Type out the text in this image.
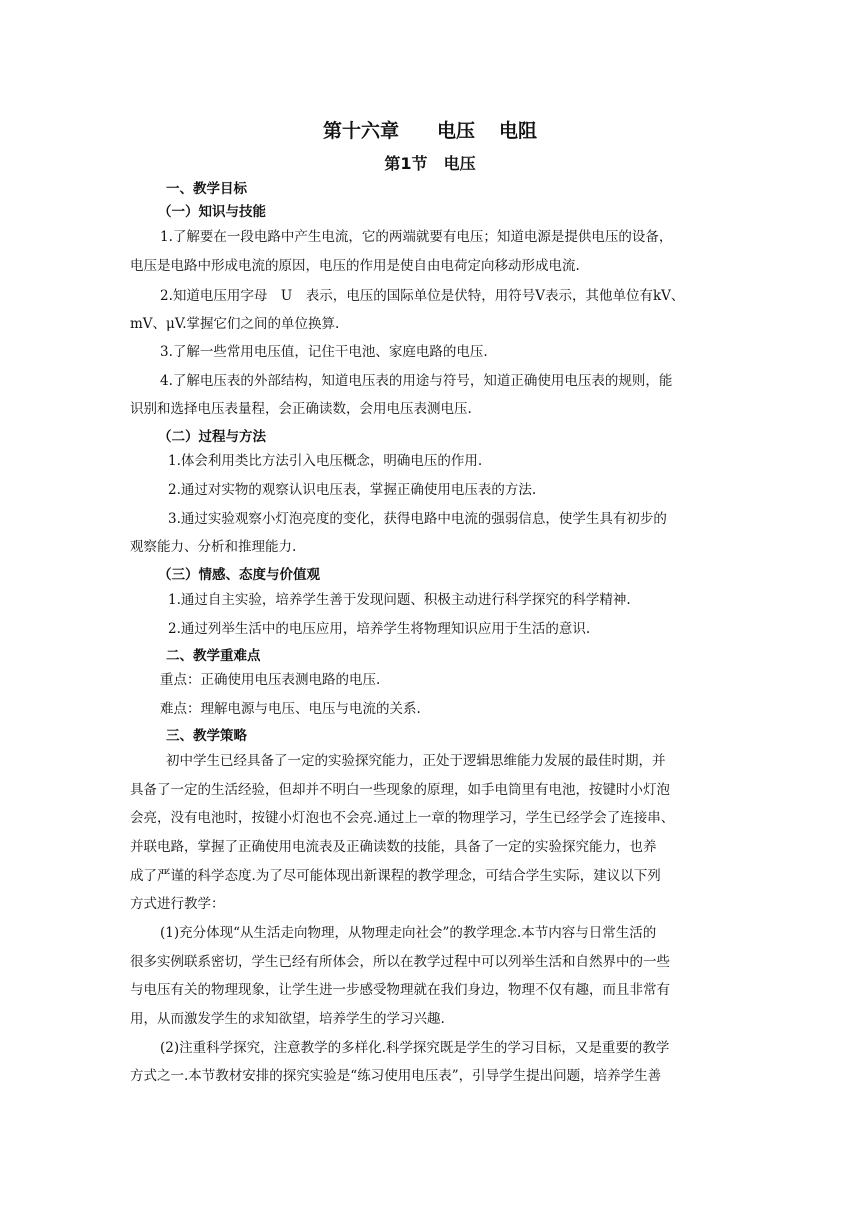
第十六章 电压 电阻
第1节 电压
一、教学目标
（一）知识与技能
1.了解要在一段电路中产生电流，它的两端就要有电压；知道电源是提供电压的设备，
电压是电路中形成电流的原因，电压的作用是使自由电荷定向移动形成电流.
2.知道电压用字母　U　表示，电压的国际单位是伏特，用符号V表示，其他单位有kV、
mV、μV.掌握它们之间的单位换算.
3.了解一些常用电压值，记住干电池、家庭电路的电压.
4.了解电压表的外部结构，知道电压表的用途与符号，知道正确使用电压表的规则，能
识别和选择电压表量程，会正确读数，会用电压表测电压.
（二）过程与方法
1.体会利用类比方法引入电压概念，明确电压的作用.
2.通过对实物的观察认识电压表，掌握正确使用电压表的方法.
3.通过实验观察小灯泡亮度的变化，获得电路中电流的强弱信息，使学生具有初步的
观察能力、分析和推理能力.
（三）情感、态度与价值观
1.通过自主实验，培养学生善于发现问题、积极主动进行科学探究的科学精神.
2.通过列举生活中的电压应用，培养学生将物理知识应用于生活的意识.
二、教学重难点
重点：正确使用电压表测电路的电压.
难点：理解电源与电压、电压与电流的关系.
三、教学策略
初中学生已经具备了一定的实验探究能力，正处于逻辑思维能力发展的最佳时期，并
具备了一定的生活经验，但却并不明白一些现象的原理，如手电筒里有电池，按键时小灯泡
会亮，没有电池时，按键小灯泡也不会亮.通过上一章的物理学习，学生已经学会了连接串、
并联电路，掌握了正确使用电流表及正确读数的技能，具备了一定的实验探究能力，也养
成了严谨的科学态度.为了尽可能体现出新课程的教学理念，可结合学生实际，建议以下列
方式进行教学：
(1)充分体现“从生活走向物理，从物理走向社会”的教学理念.本节内容与日常生活的
很多实例联系密切，学生已经有所体会，所以在教学过程中可以列举生活和自然界中的一些
与电压有关的物理现象，让学生进一步感受物理就在我们身边，物理不仅有趣，而且非常有
用，从而激发学生的求知欲望，培养学生的学习兴趣.
(2)注重科学探究，注意教学的多样化.科学探究既是学生的学习目标，又是重要的教学
方式之一.本节教材安排的探究实验是“练习使用电压表”，引导学生提出问题，培养学生善
